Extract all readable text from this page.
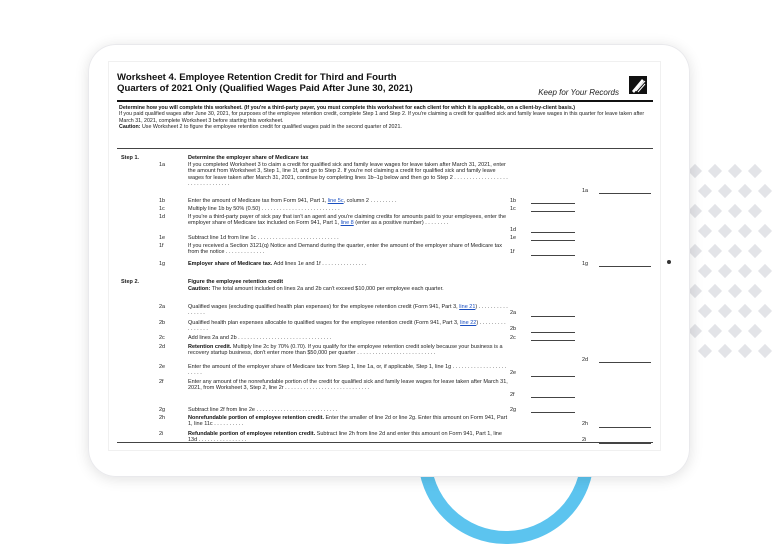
Worksheet 4. Employee Retention Credit for Third and Fourth
Quarters of 2021 Only (Qualified Wages Paid After June 30, 2021)	Keep for Your Records
Determine how you will complete this worksheet. (If you're a third-party payer, you must complete this worksheet for each client for which it is applicable, on a client-by-client basis.)
If you paid qualified wages after June 30, 2021, for purposes of the employee retention credit, complete Step 1 and Step 2. If you're claiming a credit for qualified sick and family leave wages in this quarter for leave taken after March 31, 2021, complete Worksheet 3 before starting this worksheet.
Caution: Use Worksheet 2 to figure the employee retention credit for qualified wages paid in the second quarter of 2021.
Step 1.	Determine the employer share of Medicare tax
1a	If you completed Worksheet 3 to claim a credit for qualified sick and family leave wages for leave taken after March 31, 2021, enter the amount from Worksheet 3, Step 1, line 1f, and go to Step 2. If you're not claiming a credit for qualified sick and family leave wages for leave taken after March 31, 2021, continue by completing lines 1b–1g below and then go to Step 2 . . . . . . . . . . . . . . . . . . . . . . . . . . . . . . . .
1a
1b	Enter the amount of Medicare tax from Form 941, Part 1, line 5c, column 2 . . . . . . . . .	1b
1c	Multiply line 1b by 50% (0.50) . . . . . . . . . . . . . . . . . . . . . . . . . .	1c
1d	If you're a third-party payer of sick pay that isn't an agent and you're claiming credits for amounts paid to your employees, enter the employer share of Medicare tax included on Form 941, Part 1, line 8 (enter as a positive number) . . . . . . . .
1d
1e	Subtract line 1d from line 1c . . . . . . . . . . . . . . . . . . . . . . . . . . .	1e
1f	If you received a Section 3121(q) Notice and Demand during the quarter, enter the amount of the employer share of Medicare tax from the notice . . . . . . . . . . . . .	1f
1g	Employer share of Medicare tax. Add lines 1e and 1f . . . . . . . . . . . . . . .	1g
Step 2.	Figure the employee retention credit
Caution: The total amount included on lines 2a and 2b can't exceed $10,000 per employee each quarter.
2a	Qualified wages (excluding qualified health plan expenses) for the employee retention credit (Form 941, Part 3, line 21) . . . . . . . . . . . . . . . .	2a
2b	Qualified health plan expenses allocable to qualified wages for the employee retention credit (Form 941, Part 3, line 22) . . . . . . . . . . . . . . . .	2b
2c	Add lines 2a and 2b . . . . . . . . . . . . . . . . . . . . . . . . . . . . . . .	2c
2d	Retention credit. Multiply line 2c by 70% (0.70). If you qualify for the employee retention credit solely because your business is a recovery startup business, don't enter more than $50,000 per quarter . . . . . . . . . . . . . . . . . . . . . . . . . .
2d
2e	Enter the amount of the employer share of Medicare tax from Step 1, line 1a, or, if applicable, Step 1, line 1g . . . . . . . . . . . . . . . . . . . . . . .	2e
2f	Enter any amount of the nonrefundable portion of the credit for qualified sick and family leave wages for leave taken after March 31, 2021, from Worksheet 3, Step 2, line 2r . . . . . . . . . . . . . . . . . . . . . . . . . . . .
2f
2g	Subtract line 2f from line 2e . . . . . . . . . . . . . . . . . . . . . . . . . . .	2g
2h	Nonrefundable portion of employee retention credit. Enter the smaller of line 2d or line 2g. Enter this amount on Form 941, Part 1, line 11c . . . . . . . . . .	2h
2i	Refundable portion of employee retention credit. Subtract line 2h from line 2d and enter this amount on Form 941, Part 1, line 13d . . . . . . . . . . . . . . . .	2i
